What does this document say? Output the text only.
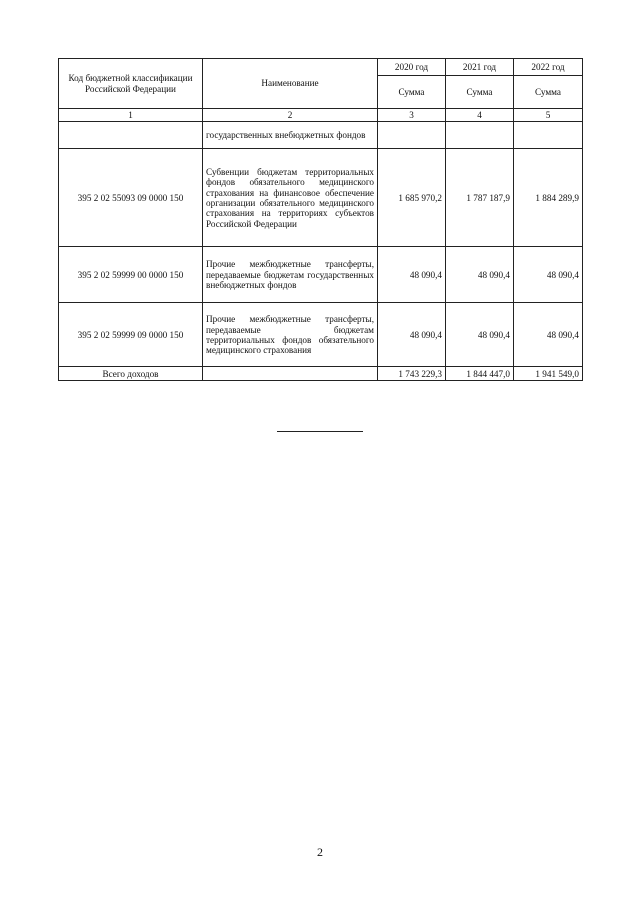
Код бюджетной классификации Российской Федерации	Наименование	2020 год	2021 год	2022 год
		Сумма	Сумма	Сумма
1	2	3	4	5
	государственных внебюджетных фондов			
395 2 02 55093 09 0000 150	Субвенции бюджетам территориальных фондов обязательного медицинского страхования на финансовое обеспечение организации обязательного медицинского страхования на территориях субъектов Российской Федерации	1 685 970,2	1 787 187,9	1 884 289,9
395 2 02 59999 00 0000 150	Прочие межбюджетные трансферты, передаваемые бюджетам государственных внебюджетных фондов	48 090,4	48 090,4	48 090,4
395 2 02 59999 09 0000 150	Прочие межбюджетные трансферты, передаваемые бюджетам территориальных фондов обязательного медицинского страхования	48 090,4	48 090,4	48 090,4
Всего доходов		1 743 229,3	1 844 447,0	1 941 549,0
2
